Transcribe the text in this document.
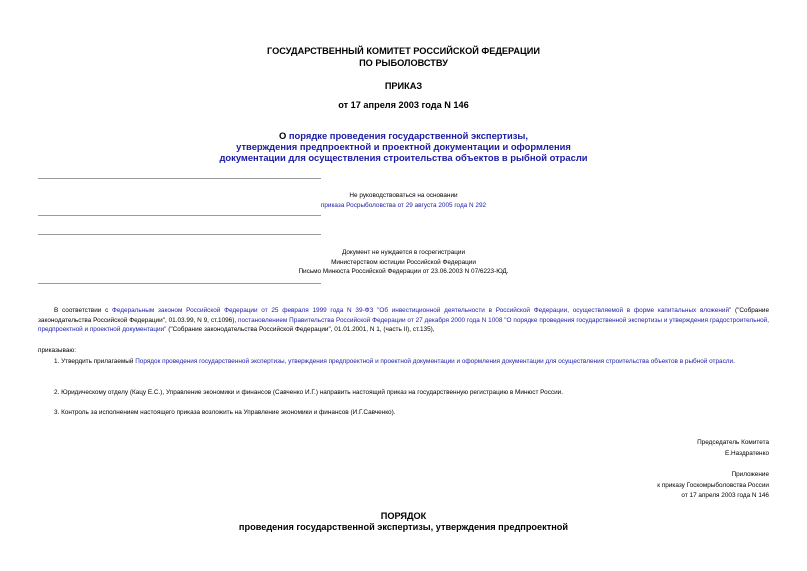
ГОСУДАРСТВЕННЫЙ КОМИТЕТ РОССИЙСКОЙ ФЕДЕРАЦИИ
ПО РЫБОЛОВСТВУ
ПРИКАЗ
от 17 апреля 2003 года N 146
О порядке проведения государственной экспертизы,
утверждения предпроектной и проектной документации и оформления
документации для осуществления строительства объектов в рыбной отрасли
Не руководствоваться на основании
приказа Росрыболовства от 29 августа 2005 года N 292
Документ не нуждается в госрегистрации
Министерством юстиции Российской Федерации
Письмо Минюста Российской Федерации от 23.06.2003 N 07/6223-ЮД.
В соответствии с Федеральным законом Российской Федерации от 25 февраля 1999 года N 39-ФЗ "Об инвестиционной деятельности в Российской Федерации, осуществляемой в форме капитальных вложений" ("Собрание законодательства Российской Федерации", 01.03.99, N 9, ст.1096), постановлением Правительства Российской Федерации от 27 декабря 2000 года N 1008 "О порядке проведения государственной экспертизы и утверждения градостроительной, предпроектной и проектной документации" ("Собрание законодательства Российской Федерации", 01.01.2001, N 1, (часть II), ст.135),
приказываю:
1. Утвердить прилагаемый Порядок проведения государственной экспертизы, утверждения предпроектной и проектной документации и оформления документации для осуществления строительства объектов в рыбной отрасли.
2. Юридическому отделу (Кацу Е.С.), Управление экономики и финансов (Савченко И.Г.) направить настоящий приказ на государственную регистрацию в Минюст России.
3. Контроль за исполнением настоящего приказа возложить на Управление экономики и финансов (И.Г.Савченко).
Председатель Комитета
Е.Наздратенко
Приложение
к приказу Госкомрыболовства России
от 17 апреля 2003 года N 146
ПОРЯДОК
проведения государственной экспертизы, утверждения предпроектной
